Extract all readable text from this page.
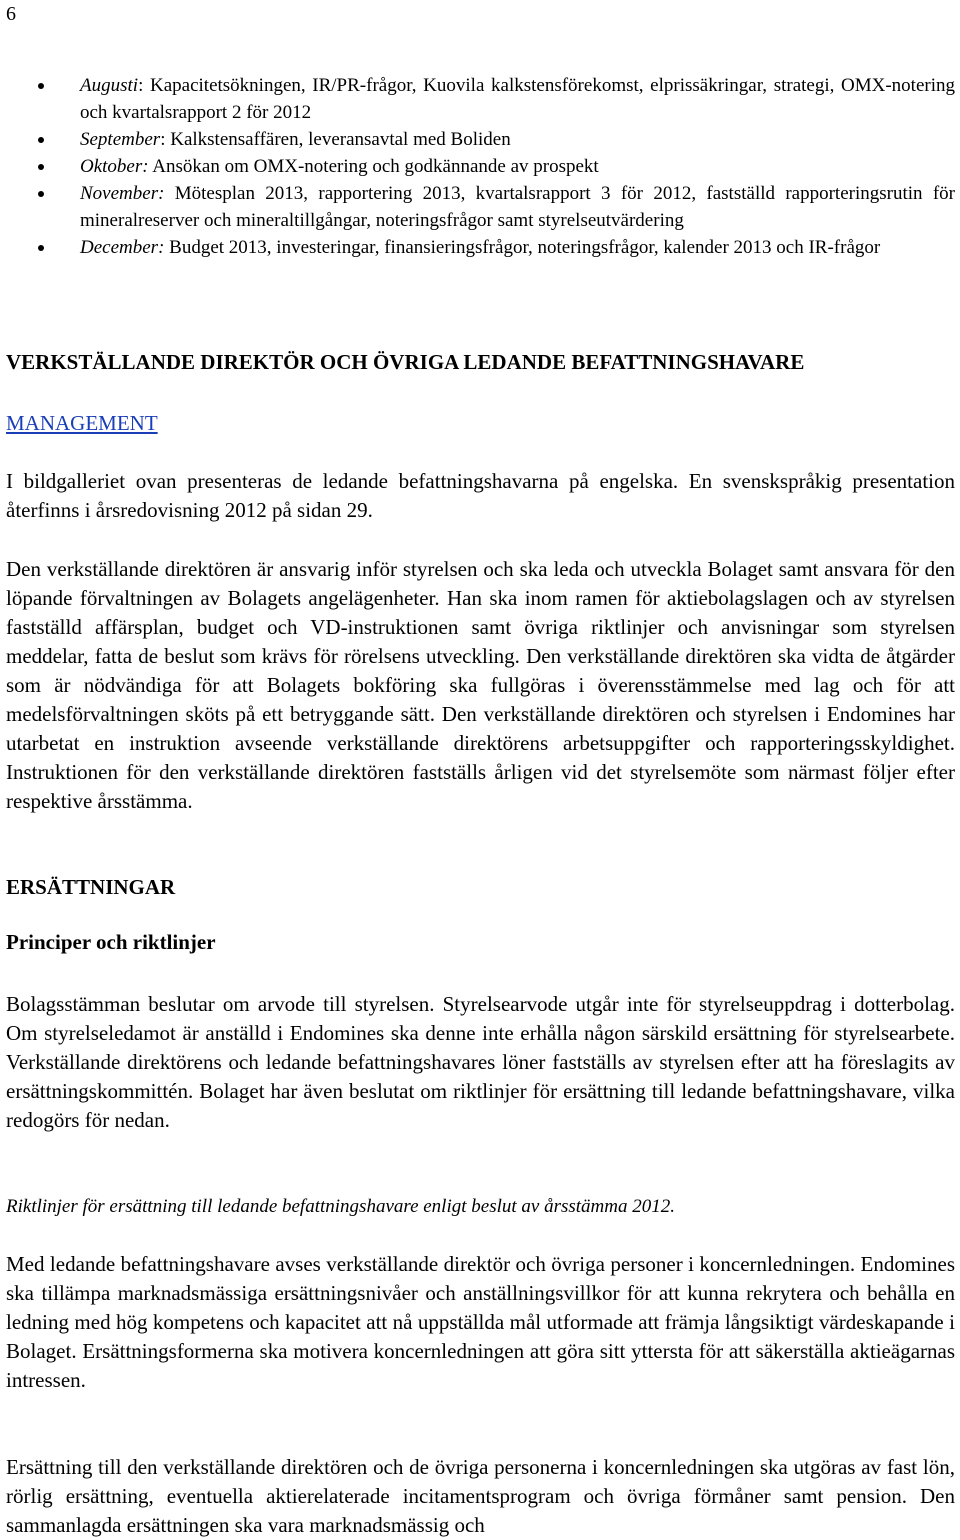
6
Augusti: Kapacitetsökningen, IR/PR-frågor, Kuovila kalkstensförekomst, elprissäkringar, strategi, OMX-notering och kvartalsrapport 2 för 2012
September: Kalkstensaffären, leveransavtal med Boliden
Oktober: Ansökan om OMX-notering och godkännande av prospekt
November: Mötesplan 2013, rapportering 2013, kvartalsrapport 3 för 2012, fastställd rapporteringsrutin för mineralreserver och mineraltillgångar, noteringsfrågor samt styrelseutvärdering
December: Budget 2013, investeringar, finansieringsfrågor, noteringsfrågor, kalender 2013 och IR-frågor
VERKSTÄLLANDE DIREKTÖR OCH ÖVRIGA LEDANDE BEFATTNINGSHAVARE
MANAGEMENT

I bildgalleriet ovan presenteras de ledande befattningshavarna på engelska. En svenskspråkig presentation återfinns i årsredovisning 2012 på sidan 29.

Den verkställande direktören är ansvarig inför styrelsen och ska leda och utveckla Bolaget samt ansvara för den löpande förvaltningen av Bolagets angelägenheter. Han ska inom ramen för aktiebolagslagen och av styrelsen fastställd affärsplan, budget och VD-instruktionen samt övriga riktlinjer och anvisningar som styrelsen meddelar, fatta de beslut som krävs för rörelsens utveckling. Den verkställande direktören ska vidta de åtgärder som är nödvändiga för att Bolagets bokföring ska fullgöras i överensstämmelse med lag och för att medelsförvaltningen sköts på ett betryggande sätt. Den verkställande direktören och styrelsen i Endomines har utarbetat en instruktion avseende verkställande direktörens arbetsuppgifter och rapporteringsskyldighet. Instruktionen för den verkställande direktören fastställs årligen vid det styrelsemöte som närmast följer efter respektive årsstämma.

ERSÄTTNINGAR
Principer och riktlinjer

Bolagsstämman beslutar om arvode till styrelsen. Styrelsearvode utgår inte för styrelseuppdrag i dotterbolag. Om styrelseledamot är anställd i Endomines ska denne inte erhålla någon särskild ersättning för styrelsearbete. Verkställande direktörens och ledande befattningshavares löner fastställs av styrelsen efter att ha föreslagits av ersättningskommittén. Bolaget har även beslutat om riktlinjer för ersättning till ledande befattningshavare, vilka redogörs för nedan.

Riktlinjer för ersättning till ledande befattningshavare enligt beslut av årsstämma 2012.

Med ledande befattningshavare avses verkställande direktör och övriga personer i koncernledningen. Endomines ska tillämpa marknadsmässiga ersättningsnivåer och anställningsvillkor för att kunna rekrytera och behålla en ledning med hög kompetens och kapacitet att nå uppställda mål utformade att främja långsiktigt värdeskapande i Bolaget. Ersättningsformerna ska motivera koncernledningen att göra sitt yttersta för att säkerställa aktieägarnas intressen.

Ersättning till den verkställande direktören och de övriga personerna i koncernledningen ska utgöras av fast lön, rörlig ersättning, eventuella aktierelaterade incitamentsprogram och övriga förmåner samt pension. Den sammanlagda ersättningen ska vara marknadsmässig och
